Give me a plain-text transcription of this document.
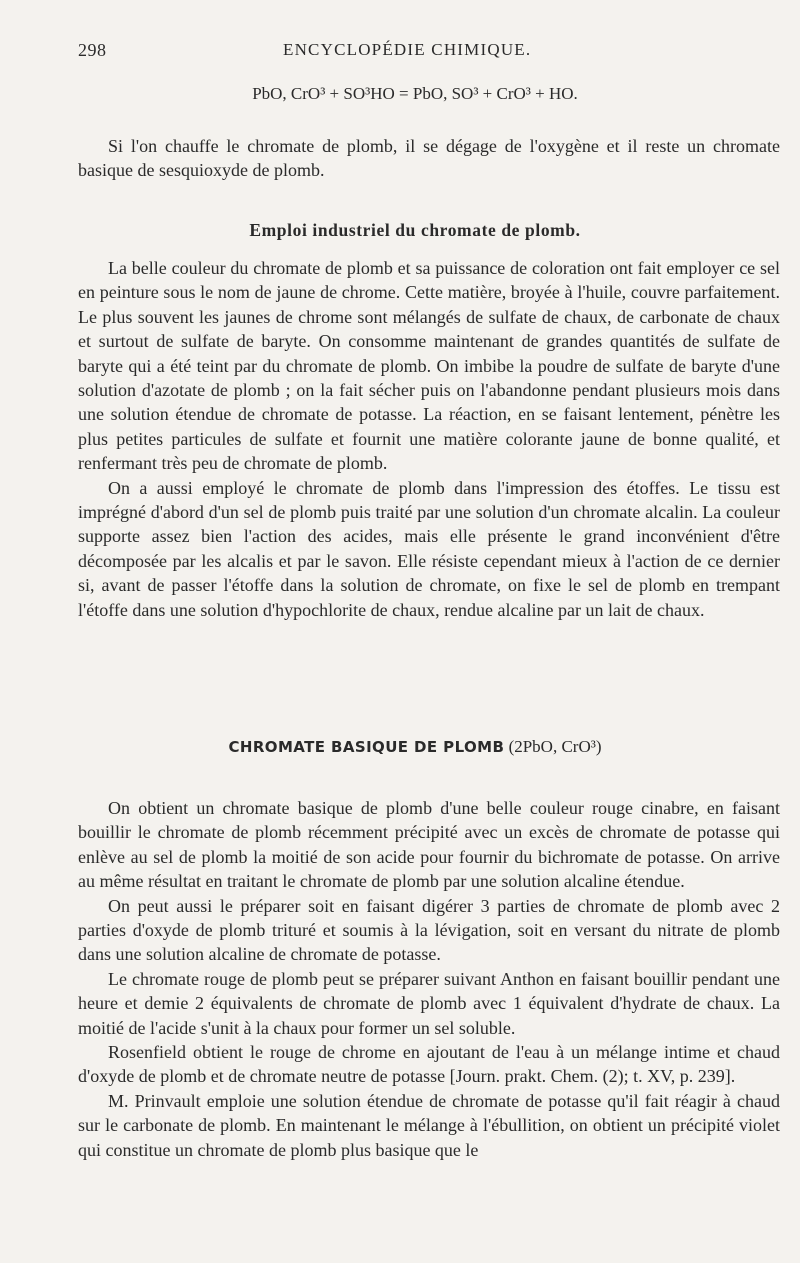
298	ENCYCLOPÉDIE CHIMIQUE.
PbO, CrO³ + SO³HO = PbO, SO³ + CrO³ + HO.

Si l'on chauffe le chromate de plomb, il se dégage de l'oxygène et il reste un chromate basique de sesquioxyde de plomb.

Emploi industriel du chromate de plomb.

La belle couleur du chromate de plomb et sa puissance de coloration ont fait employer ce sel en peinture sous le nom de jaune de chrome. Cette matière, broyée à l'huile, couvre parfaitement. Le plus souvent les jaunes de chrome sont mélangés de sulfate de chaux, de carbonate de chaux et surtout de sulfate de baryte. On consomme maintenant de grandes quantités de sulfate de baryte qui a été teint par du chromate de plomb. On imbibe la poudre de sulfate de baryte d'une solution d'azotate de plomb ; on la fait sécher puis on l'abandonne pendant plusieurs mois dans une solution étendue de chromate de potasse. La réaction, en se faisant lentement, pénètre les plus petites particules de sulfate et fournit une matière colorante jaune de bonne qualité, et renfermant très peu de chromate de plomb.

On a aussi employé le chromate de plomb dans l'impression des étoffes. Le tissu est imprégné d'abord d'un sel de plomb puis traité par une solution d'un chromate alcalin. La couleur supporte assez bien l'action des acides, mais elle présente le grand inconvénient d'être décomposée par les alcalis et par le savon. Elle résiste cependant mieux à l'action de ce dernier si, avant de passer l'étoffe dans la solution de chromate, on fixe le sel de plomb en trempant l'étoffe dans une solution d'hypochlorite de chaux, rendue alcaline par un lait de chaux.

CHROMATE BASIQUE DE PLOMB (2PbO, CrO³)

On obtient un chromate basique de plomb d'une belle couleur rouge cinabre, en faisant bouillir le chromate de plomb récemment précipité avec un excès de chromate de potasse qui enlève au sel de plomb la moitié de son acide pour fournir du bichromate de potasse. On arrive au même résultat en traitant le chromate de plomb par une solution alcaline étendue.

On peut aussi le préparer soit en faisant digérer 3 parties de chromate de plomb avec 2 parties d'oxyde de plomb trituré et soumis à la lévigation, soit en versant du nitrate de plomb dans une solution alcaline de chromate de potasse.

Le chromate rouge de plomb peut se préparer suivant Anthon en faisant bouillir pendant une heure et demie 2 équivalents de chromate de plomb avec 1 équivalent d'hydrate de chaux. La moitié de l'acide s'unit à la chaux pour former un sel soluble.

Rosenfield obtient le rouge de chrome en ajoutant de l'eau à un mélange intime et chaud d'oxyde de plomb et de chromate neutre de potasse [Journ. prakt. Chem. (2); t. XV, p. 239].

M. Prinvault emploie une solution étendue de chromate de potasse qu'il fait réagir à chaud sur le carbonate de plomb. En maintenant le mélange à l'ébullition, on obtient un précipité violet qui constitue un chromate de plomb plus basique que le
